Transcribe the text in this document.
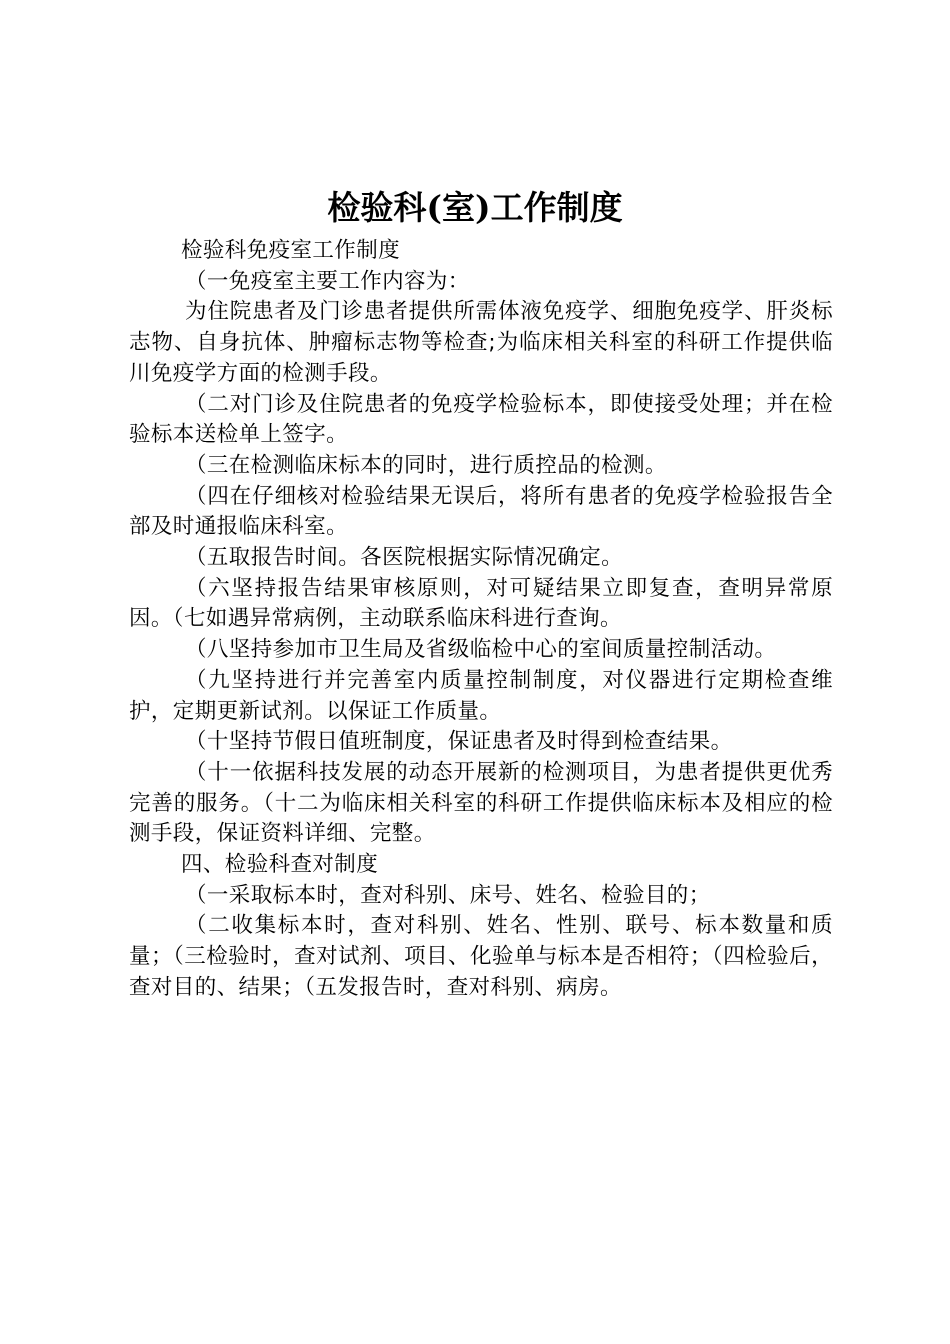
检验科(室)工作制度

检验科免疫室工作制度

（一免疫室主要工作内容为：

为住院患者及门诊患者提供所需体液免疫学、细胞免疫学、肝炎标志物、自身抗体、肿瘤标志物等检查;为临床相关科室的科研工作提供临川免疫学方面的检测手段。

（二对门诊及住院患者的免疫学检验标本，即使接受处理；并在检验标本送检单上签字。

（三在检测临床标本的同时，进行质控品的检测。

（四在仔细核对检验结果无误后，将所有患者的免疫学检验报告全部及时通报临床科室。

（五取报告时间。各医院根据实际情况确定。

（六坚持报告结果审核原则，对可疑结果立即复查，查明异常原因。（七如遇异常病例，主动联系临床科进行查询。

（八坚持参加市卫生局及省级临检中心的室间质量控制活动。

（九坚持进行并完善室内质量控制制度，对仪器进行定期检查维护，定期更新试剂。以保证工作质量。

（十坚持节假日值班制度，保证患者及时得到检查结果。

（十一依据科技发展的动态开展新的检测项目，为患者提供更优秀完善的服务。（十二为临床相关科室的科研工作提供临床标本及相应的检测手段，保证资料详细、完整。

四、检验科查对制度

（一采取标本时，查对科别、床号、姓名、检验目的；

（二收集标本时，查对科别、姓名、性别、联号、标本数量和质量；（三检验时，查对试剂、项目、化验单与标本是否相符；（四检验后，查对目的、结果；（五发报告时，查对科别、病房。
